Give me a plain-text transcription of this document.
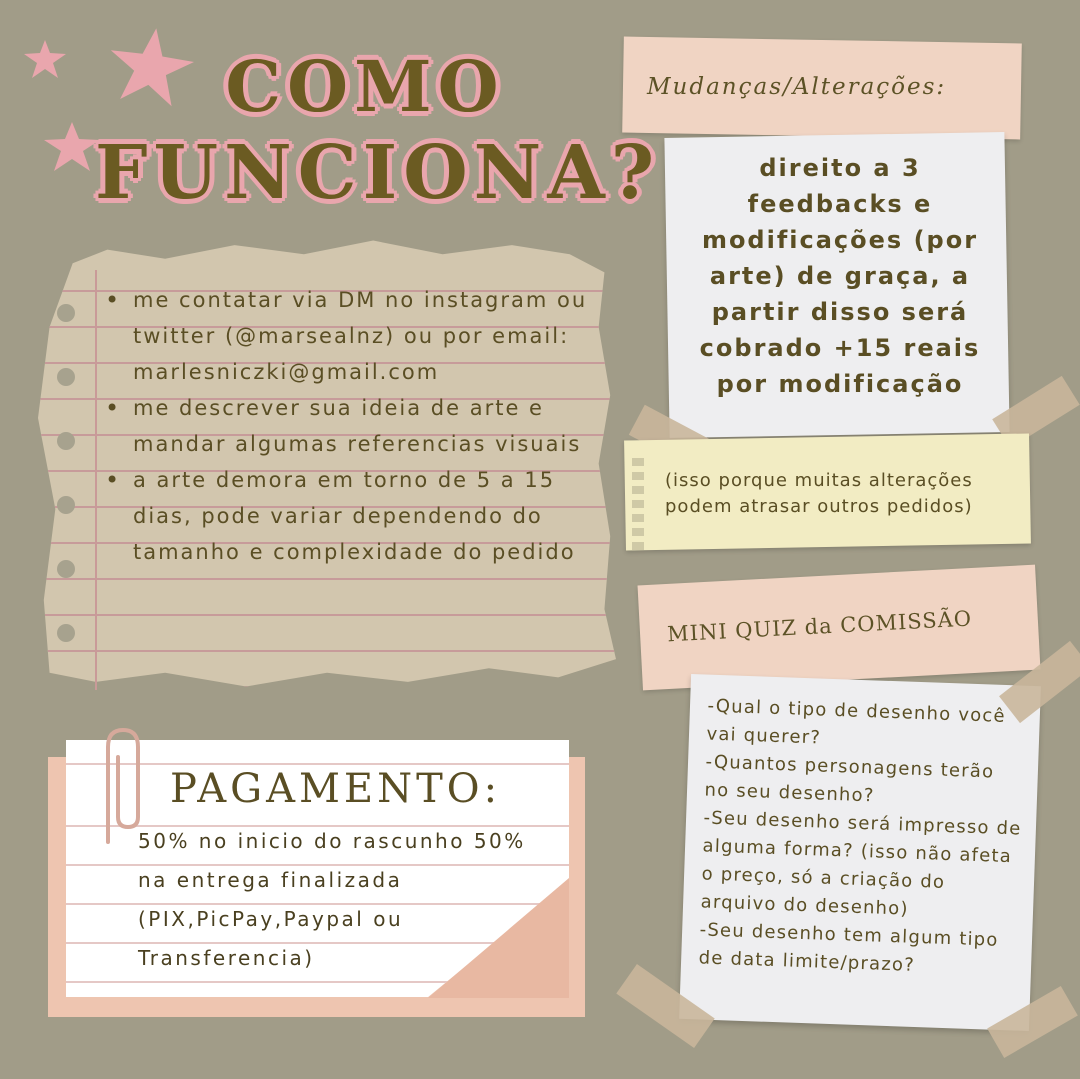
COMO
FUNCIONA?
• me contatar via DM no instagram ou twitter (@marsealnz) ou por email: marlesniczki@gmail.com
• me descrever sua ideia de arte e mandar algumas referencias visuais
• a arte demora em torno de 5 a 15 dias, pode variar dependendo do tamanho e complexidade do pedido
PAGAMENTO:
50% no inicio do rascunho 50% na entrega finalizada (PIX,PicPay,Paypal ou Transferencia)
Mudanças/Alterações:
direito a 3 feedbacks e modificações (por arte) de graça, a partir disso será cobrado +15 reais por modificação
(isso porque muitas alterações podem atrasar outros pedidos)
MINI QUIZ da COMISSÃO
-Qual o tipo de desenho você vai querer?
-Quantos personagens terão no seu desenho?
-Seu desenho será impresso de alguma forma? (isso não afeta o preço, só a criação do arquivo do desenho)
-Seu desenho tem algum tipo de data limite/prazo?
